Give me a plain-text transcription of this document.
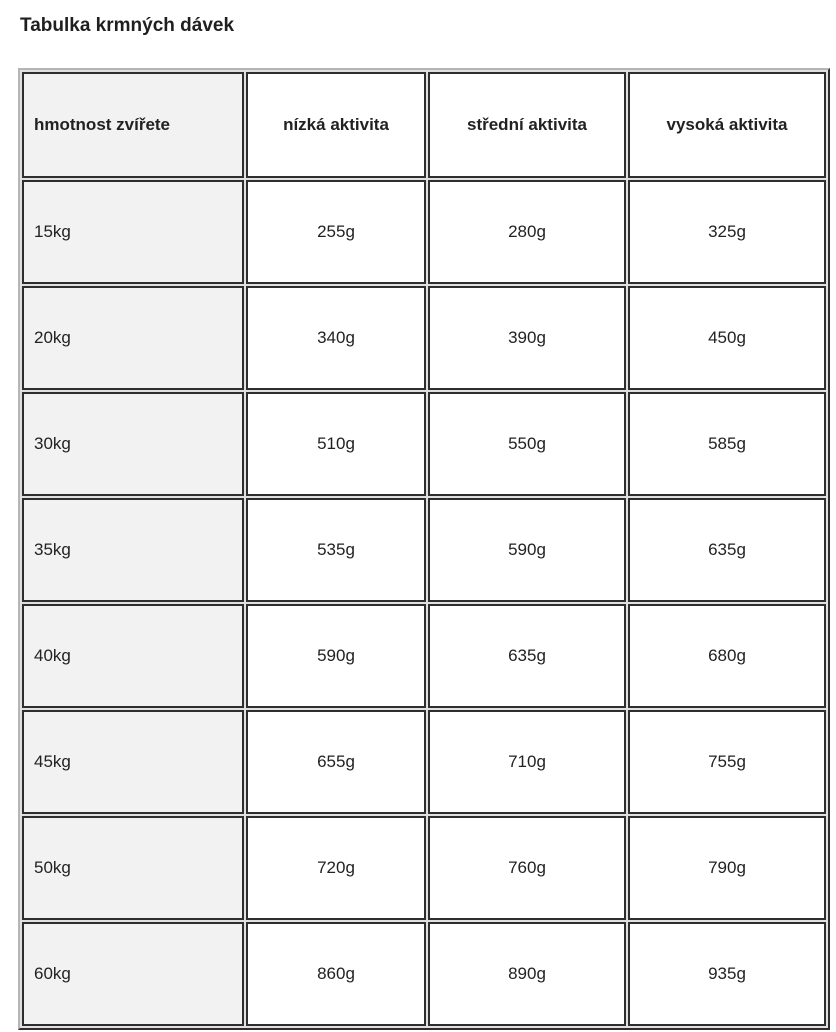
Tabulka krmných dávek
hmotnost zvířete	nízká aktivita	střední aktivita	vysoká aktivita
15kg	255g	280g	325g
20kg	340g	390g	450g
30kg	510g	550g	585g
35kg	535g	590g	635g
40kg	590g	635g	680g
45kg	655g	710g	755g
50kg	720g	760g	790g
60kg	860g	890g	935g
